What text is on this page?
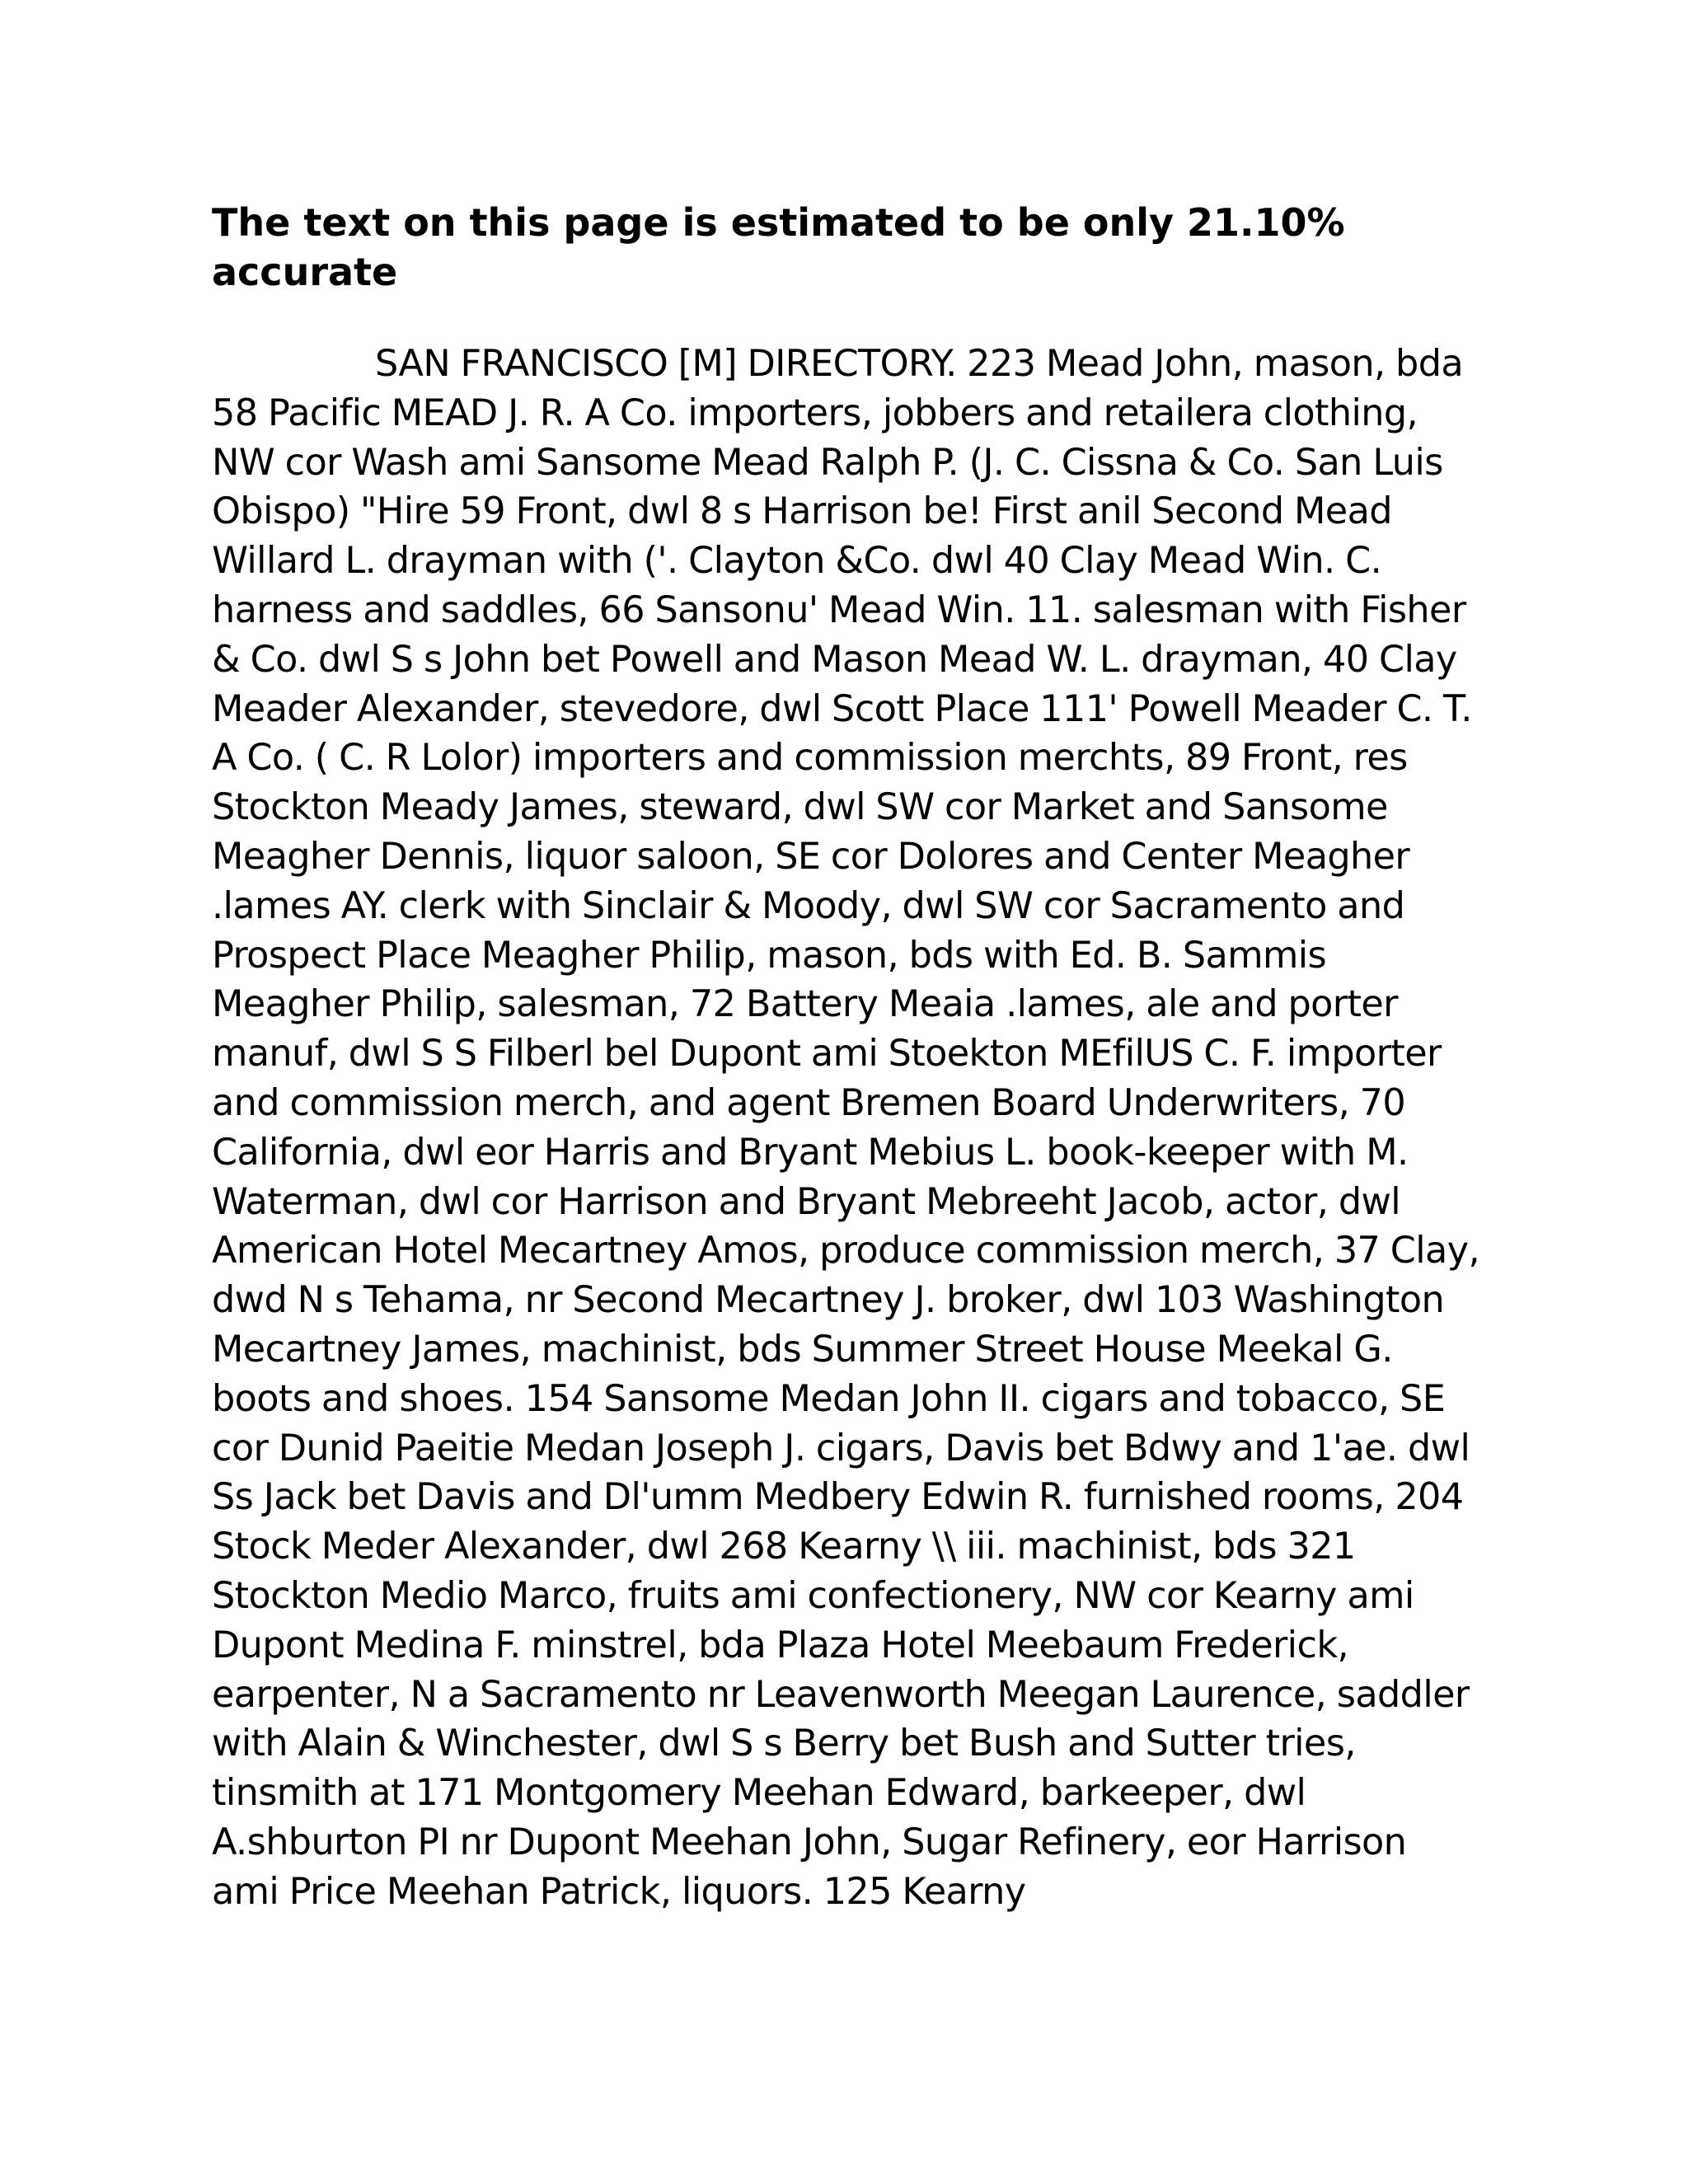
The text on this page is estimated to be only 21.10% accurate

SAN FRANCISCO [M] DIRECTORY. 223 Mead John, mason, bda 58 Pacific MEAD J. R. A Co. importers, jobbers and retailera clothing, NW cor Wash ami Sansome Mead Ralph P. (J. C. Cissna & Co. San Luis Obispo) "Hire 59 Front, dwl 8 s Harrison be! First anil Second Mead Willard L. drayman with ('. Clayton &Co. dwl 40 Clay Mead Win. C. harness and saddles, 66 Sansonu' Mead Win. 11. salesman with Fisher & Co. dwl S s John bet Powell and Mason Mead W. L. drayman, 40 Clay Meader Alexander, stevedore, dwl Scott Place 111' Powell Meader C. T. A Co. ( C. R Lolor) importers and commission merchts, 89 Front, res Stockton Meady James, steward, dwl SW cor Market and Sansome Meagher Dennis, liquor saloon, SE cor Dolores and Center Meagher .lames AY. clerk with Sinclair & Moody, dwl SW cor Sacramento and Prospect Place Meagher Philip, mason, bds with Ed. B. Sammis Meagher Philip, salesman, 72 Battery Meaia .lames, ale and porter manuf, dwl S S Filberl bel Dupont ami Stoekton MEfilUS C. F. importer and commission merch, and agent Bremen Board Underwriters, 70 California, dwl eor Harris and Bryant Mebius L. book-keeper with M. Waterman, dwl cor Harrison and Bryant Mebreeht Jacob, actor, dwl American Hotel Mecartney Amos, produce commission merch, 37 Clay, dwd N s Tehama, nr Second Mecartney J. broker, dwl 103 Washington Mecartney James, machinist, bds Summer Street House Meekal G. boots and shoes. 154 Sansome Medan John II. cigars and tobacco, SE cor Dunid Paeitie Medan Joseph J. cigars, Davis bet Bdwy and 1'ae. dwl Ss Jack bet Davis and Dl'umm Medbery Edwin R. furnished rooms, 204 Stock Meder Alexander, dwl 268 Kearny \\ iii. machinist, bds 321 Stockton Medio Marco, fruits ami confectionery, NW cor Kearny ami Dupont Medina F. minstrel, bda Plaza Hotel Meebaum Frederick, earpenter, N a Sacramento nr Leavenworth Meegan Laurence, saddler with Alain & Winchester, dwl S s Berry bet Bush and Sutter tries, tinsmith at 171 Montgomery Meehan Edward, barkeeper, dwl A.shburton PI nr Dupont Meehan John, Sugar Refinery, eor Harrison ami Price Meehan Patrick, liquors. 125 Kearny
